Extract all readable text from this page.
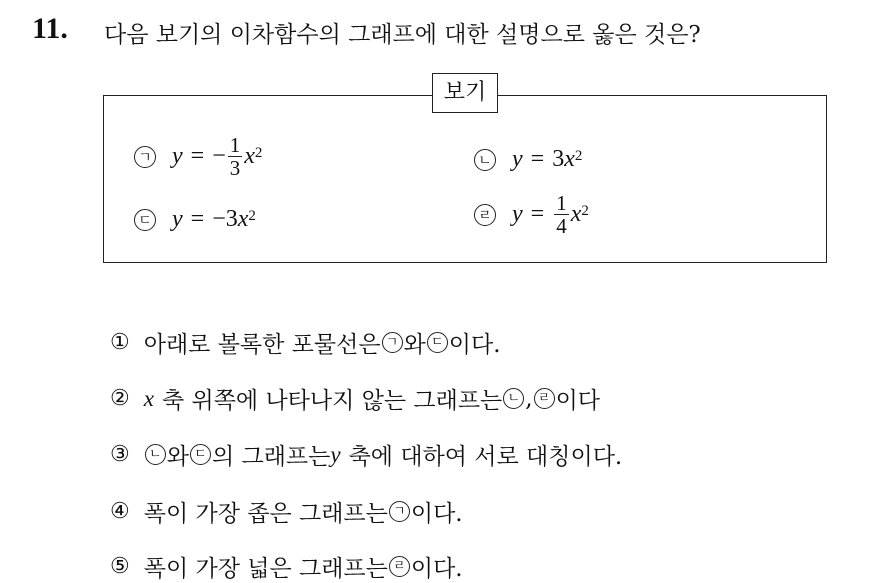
11. 다음 보기의 이차함수의 그래프에 대한 설명으로 옳은 것은?
보기
ㄱ y = − $\frac{1}{3} x^2$	ㄴ y = 3 $x^2$
ㄷ y = −3 $x^2$	ㄹ $y = \frac{1}{4} x^2$
① 아래로 볼록한 포물선은 ㄱ 와 ㄷ 이다.
② x 축 위쪽에 나타나지 않는 그래프는 ㄴ , ㄹ 이다
③	ㄴ 와 ㄷ 의 그래프는 y 축에 대하여 서로 대칭이다.
④ 폭이 가장 좁은 그래프는 ㄱ 이다.
⑤ 폭이 가장 넓은 그래프는 ㄹ 이다.
